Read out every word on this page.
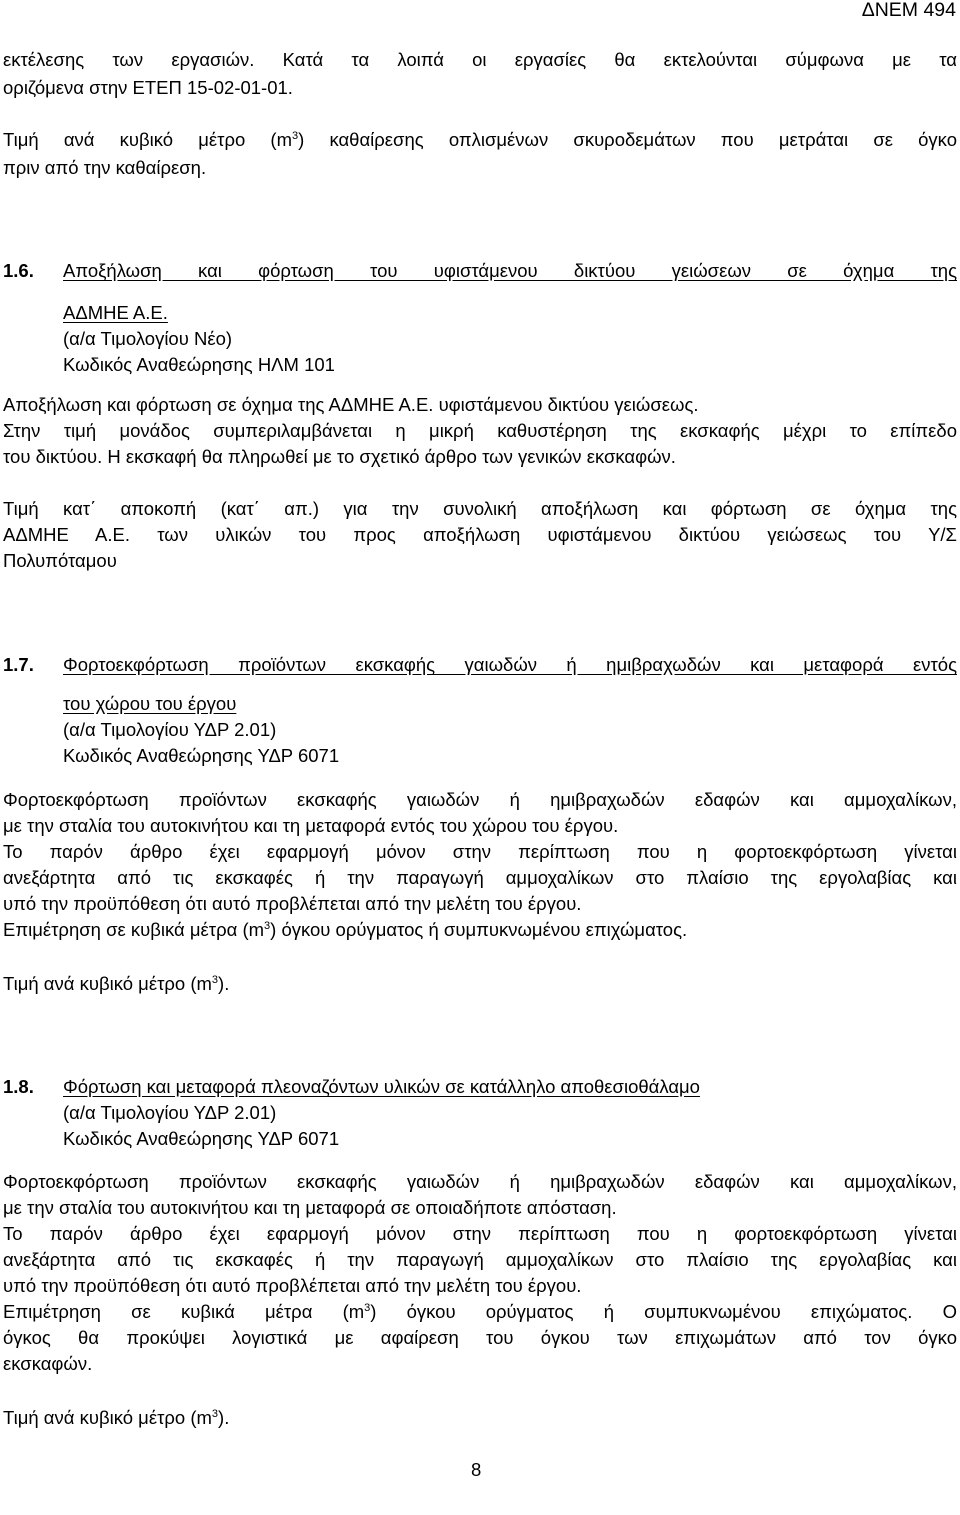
ΔΝΕΜ 494
εκτέλεσης των εργασιών. Κατά τα λοιπά οι εργασίες θα εκτελούνται σύμφωνα με τα
οριζόμενα στην ΕΤΕΠ 15-02-01-01.
Τιμή ανά κυβικό μέτρο $(m^3)$ καθαίρεσης οπλισμένων σκυροδεμάτων που μετράται σε όγκο
πριν από την καθαίρεση.
1.6. Αποξήλωση και φόρτωση του υφιστάμενου δικτύου γειώσεων σε όχημα της
ΑΔΜΗΕ Α.Ε.
(α/α Τιμολογίου Νέο)
Κωδικός Αναθεώρησης ΗΛΜ 101
Αποξήλωση και φόρτωση σε όχημα της ΑΔΜΗΕ Α.Ε. υφιστάμενου δικτύου γειώσεως.
Στην τιμή μονάδος συμπεριλαμβάνεται η μικρή καθυστέρηση της εκσκαφής μέχρι το επίπεδο
του δικτύου. Η εκσκαφή θα πληρωθεί με το σχετικό άρθρο των γενικών εκσκαφών.
Τιμή κατ΄ αποκοπή (κατ΄ απ.) για την συνολική αποξήλωση και φόρτωση σε όχημα της
ΑΔΜΗΕ Α.Ε. των υλικών του προς αποξήλωση υφιστάμενου δικτύου γειώσεως του Υ/Σ
Πολυπόταμου
1.7. Φορτοεκφόρτωση προϊόντων εκσκαφής γαιωδών ή ημιβραχωδών και μεταφορά εντός
του χώρου του έργου
(α/α Τιμολογίου ΥΔΡ 2.01)
Κωδικός Αναθεώρησης ΥΔΡ 6071
Φορτοεκφόρτωση προϊόντων εκσκαφής γαιωδών ή ημιβραχωδών εδαφών και αμμοχαλίκων,
με την σταλία του αυτοκινήτου και τη μεταφορά εντός του χώρου του έργου.
Το παρόν άρθρο έχει εφαρμογή μόνον στην περίπτωση που η φορτοεκφόρτωση γίνεται
ανεξάρτητα από τις εκσκαφές ή την παραγωγή αμμοχαλίκων στο πλαίσιο της εργολαβίας και
υπό την προϋπόθεση ότι αυτό προβλέπεται από την μελέτη του έργου.
Επιμέτρηση σε κυβικά μέτρα $(m^3)$ όγκου ορύγματος ή συμπυκνωμένου επιχώματος.
Τιμή ανά κυβικό μέτρο $(m^3)$.
1.8. Φόρτωση και μεταφορά πλεοναζόντων υλικών σε κατάλληλο αποθεσιοθάλαμο
(α/α Τιμολογίου ΥΔΡ 2.01)
Κωδικός Αναθεώρησης ΥΔΡ 6071
Φορτοεκφόρτωση προϊόντων εκσκαφής γαιωδών ή ημιβραχωδών εδαφών και αμμοχαλίκων,
με την σταλία του αυτοκινήτου και τη μεταφορά σε οποιαδήποτε απόσταση.
Το παρόν άρθρο έχει εφαρμογή μόνον στην περίπτωση που η φορτοεκφόρτωση γίνεται
ανεξάρτητα από τις εκσκαφές ή την παραγωγή αμμοχαλίκων στο πλαίσιο της εργολαβίας και
υπό την προϋπόθεση ότι αυτό προβλέπεται από την μελέτη του έργου.
Επιμέτρηση σε κυβικά μέτρα $(m^3)$ όγκου ορύγματος ή συμπυκνωμένου επιχώματος. Ο
όγκος θα προκύψει λογιστικά με αφαίρεση του όγκου των επιχωμάτων από τον όγκο
εκσκαφών.
Τιμή ανά κυβικό μέτρο $(m^3)$.
8
